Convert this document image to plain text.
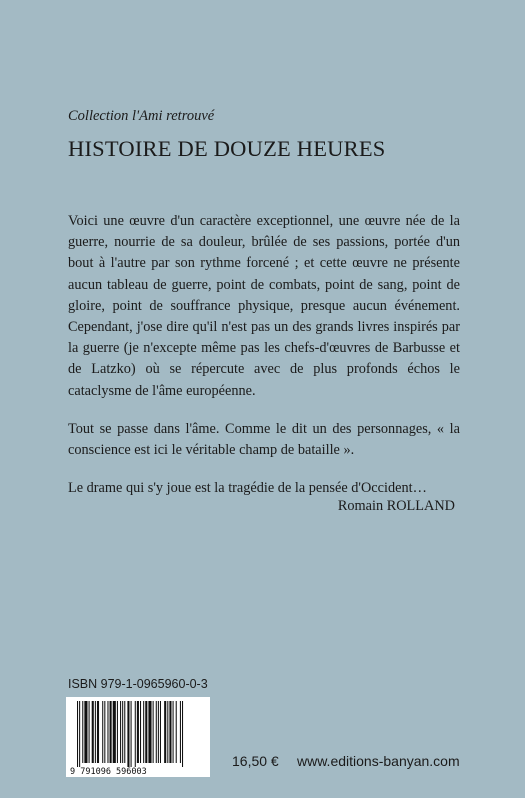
Collection l'Ami retrouvé
HISTOIRE DE DOUZE HEURES

Voici une œuvre d'un caractère exceptionnel, une œuvre née de la guerre, nourrie de sa douleur, brûlée de ses passions, portée d'un bout à l'autre par son rythme forcené ; et cette œuvre ne présente aucun tableau de guerre, point de combats, point de sang, point de gloire, point de souffrance physique, presque aucun événement. Cependant, j'ose dire qu'il n'est pas un des grands livres inspirés par la guerre (je n'excepte même pas les chefs-d'œuvres de Barbusse et de Latzko) où se répercute avec de plus profonds échos le cataclysme de l'âme européenne.

Tout se passe dans l'âme. Comme le dit un des personnages, « la conscience est ici le véritable champ de bataille ».

Le drame qui s'y joue est la tragédie de la pensée d'Occident…

Romain ROLLAND
ISBN 979-1-0965960-0-3
9 791096 596003
16,50 € www.editions-banyan.com
